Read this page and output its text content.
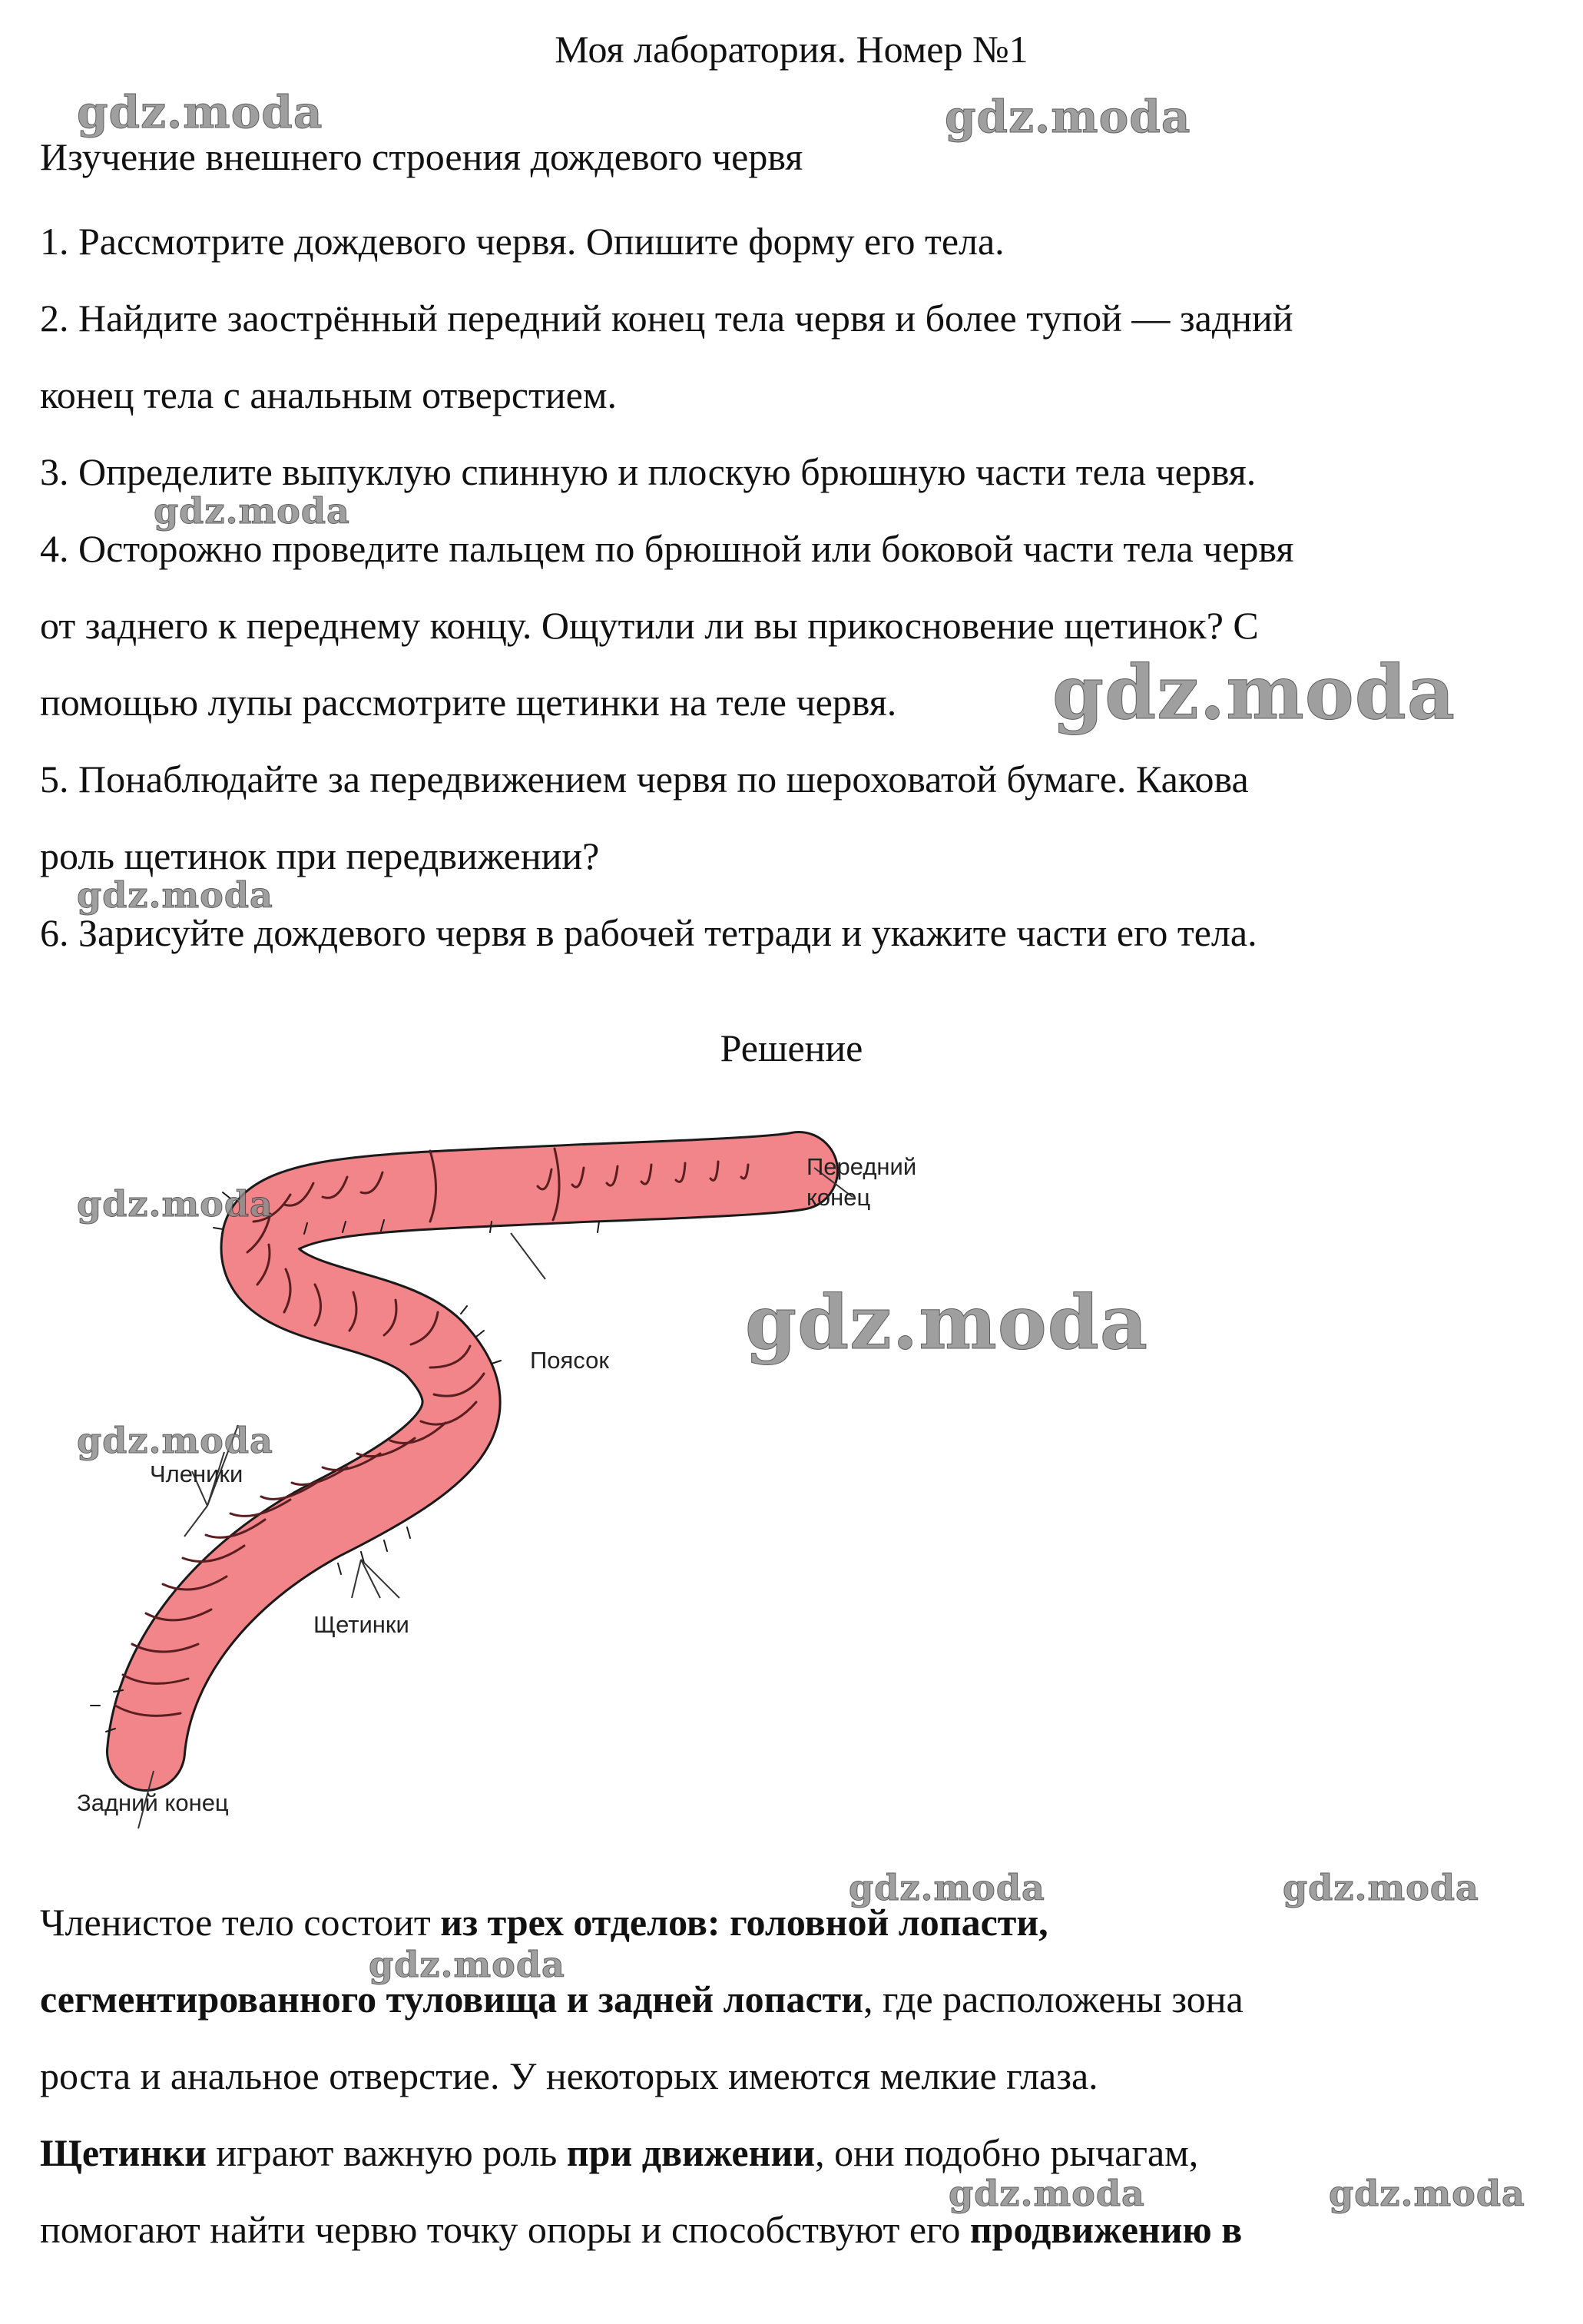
Моя лаборатория. Номер №1
Изучение внешнего строения дождевого червя
1. Рассмотрите дождевого червя. Опишите форму его тела.
2. Найдите заострённый передний конец тела червя и более тупой — задний
конец тела с анальным отверстием.
3. Определите выпуклую спинную и плоскую брюшную части тела червя.
4. Осторожно проведите пальцем по брюшной или боковой части тела червя
от заднего к переднему концу. Ощутили ли вы прикосновение щетинок? С
помощью лупы рассмотрите щетинки на теле червя.
5. Понаблюдайте за передвижением червя по шероховатой бумаге. Какова
роль щетинок при передвижении?
6. Зарисуйте дождевого червя в рабочей тетради и укажите части его тела.
Решение
Передний
конец
Поясок
Членики
Щетинки
Задний конец
Членистое тело состоит из трех отделов: головной лопасти,
сегментированного туловища и задней лопасти, где расположены зона
роста и анальное отверстие. У некоторых имеются мелкие глаза.
Щетинки играют важную роль при движении, они подобно рычагам,
помогают найти червю точку опоры и способствуют его продвижению в
gdz.moda	gdz.moda
gdz.moda
gdz.moda
gdz.moda
gdz.moda
gdz.moda
gdz.moda
gdz.moda	gdz.moda
gdz.moda
gdz.moda	gdz.moda
